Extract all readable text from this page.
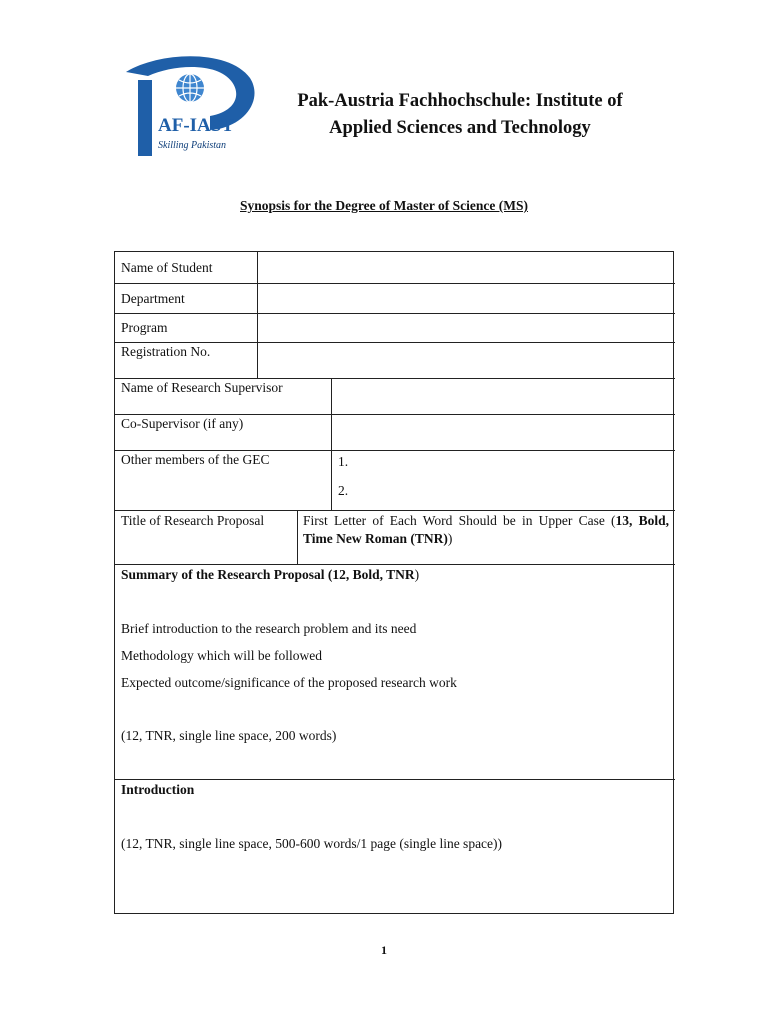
AF-IAST
Skilling Pakistan
Pak-Austria Fachhochschule: Institute of
Applied Sciences and Technology
Synopsis for the Degree of Master of Science (MS)
Name of Student
Department
Program
Registration No.
Name of Research Supervisor
Co-Supervisor (if any)
Other members of the GEC	1.
2.
Title of Research Proposal	First Letter of Each Word Should be in Upper Case (13, Bold, Time New Roman (TNR))
Summary of the Research Proposal (12, Bold, TNR)
Brief introduction to the research problem and its need
Methodology which will be followed
Expected outcome/significance of the proposed research work
(12, TNR, single line space, 200 words)
Introduction
(12, TNR, single line space, 500-600 words/1 page (single line space))
1
